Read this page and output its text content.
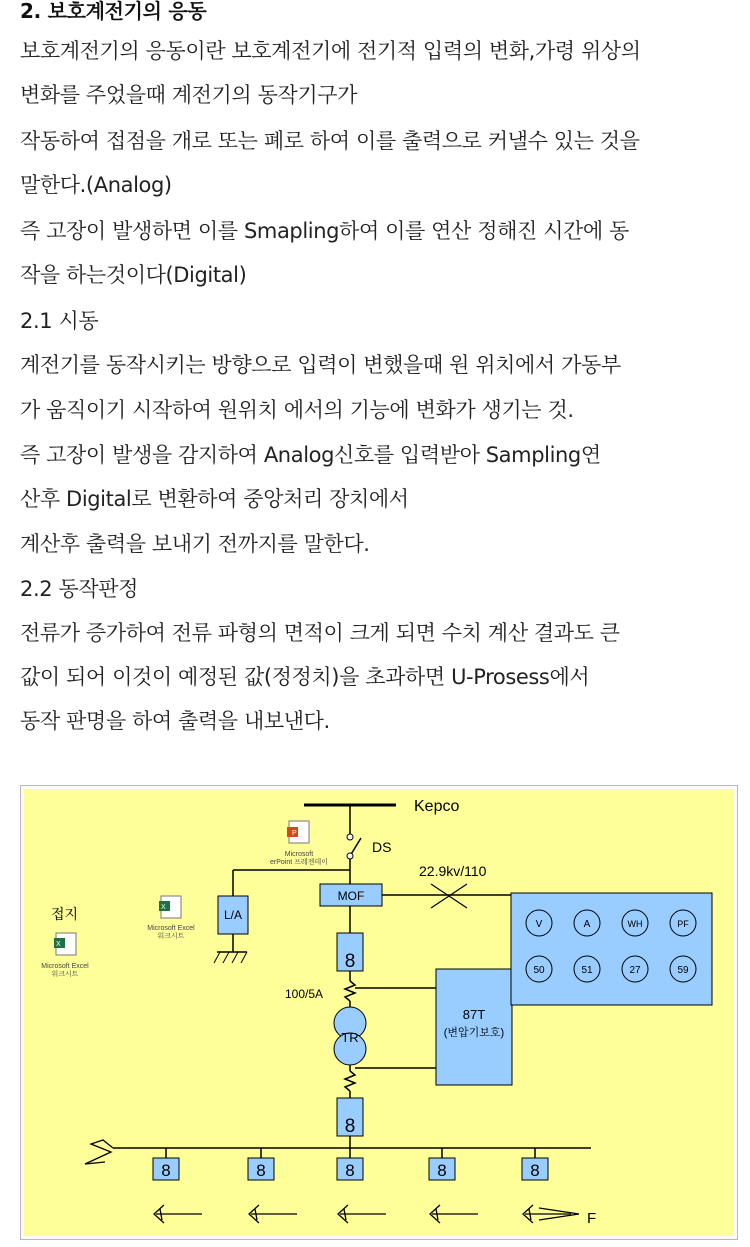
2. 보호계전기의 응동
보호계전기의 응동이란 보호계전기에 전기적 입력의 변화,가령 위상의
변화를 주었을때 계전기의 동작기구가
작동하여 접점을 개로 또는 폐로 하여 이를 출력으로 커낼수 있는 것을
말한다.(Analog)
즉 고장이 발생하면 이를 Smapling하여 이를 연산 정해진 시간에 동
작을 하는것이다(Digital)
2.1 시동
계전기를 동작시키는 방향으로 입력이 변했을때 원 위치에서 가동부
가 움직이기 시작하여 원위치 에서의 기능에 변화가 생기는 것.
즉 고장이 발생을 감지하여 Analog신호를 입력받아 Sampling연
산후 Digital로 변환하여 중앙처리 장치에서
계산후 출력을 보내기 전까지를 말한다.
2.2 동작판정
전류가 증가하여 전류 파형의 면적이 크게 되면 수치 계산 결과도 큰
값이 되어 이것이 예정된 값(정정치)을 초과하면 U-Prosess에서
동작 판명을 하여 출력을 내보낸다.
Kepco
DS
P
Microsoft
erPoint 프레젠테이
MOF
22.9kv/110
L/A
X
Microsoft Excel
워크시트
접지
X
Microsoft Excel
워크시트
8
100/5A
TR
87T
(변압기보호)
V	A	WH	PF
50	51	27	59
8
8	8	8	8	8
F
